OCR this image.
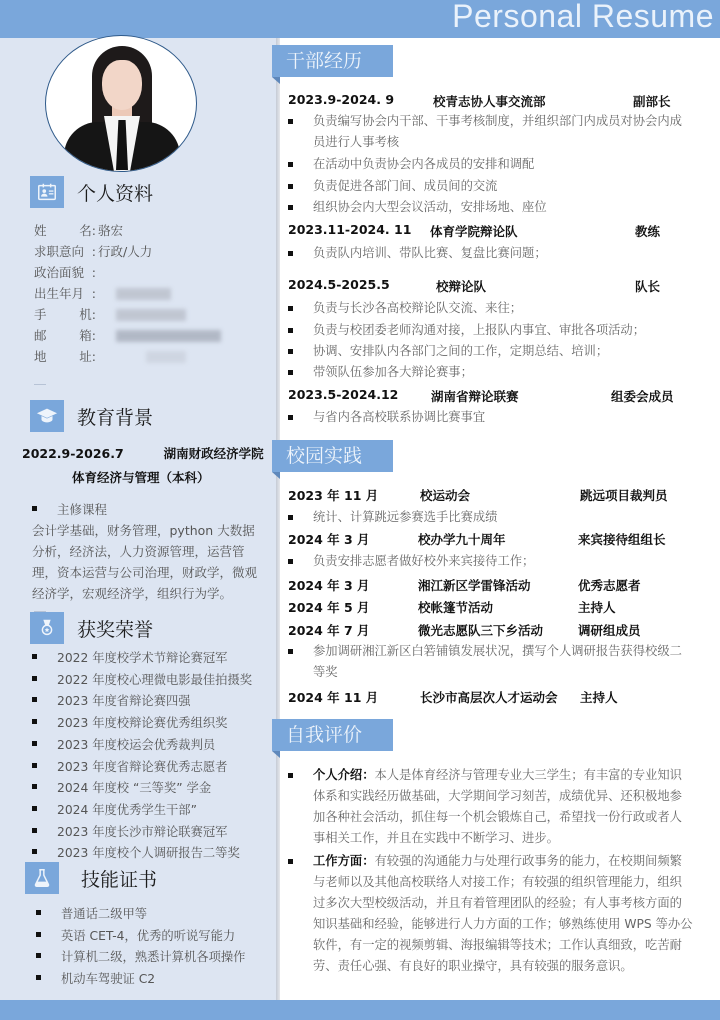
Personal Resume
个人资料
姓	名: 骆宏
求职意向 : 行政/人力
政治面貌 :
出生年月 :
手	机:
邮	箱:
地	址:
教育背景
2022.9-2026.7	湖南财政经济学院
体育经济与管理（本科）
主修课程
会计学基础，财务管理，python 大数据分析，经济法，人力资源管理，运营管理，资本运营与公司治理，财政学，微观经济学，宏观经济学，组织行为学。
获奖荣誉
2022 年度校学术节辩论赛冠军
2022 年度校心理微电影最佳拍摄奖
2023 年度省辩论赛四强
2023 年度校辩论赛优秀组织奖
2023 年度校运会优秀裁判员
2023 年度省辩论赛优秀志愿者
2024 年度校 “三等奖” 学金
2024 年度优秀学生干部”
2023 年度长沙市辩论联赛冠军
2023 年度校个人调研报告二等奖
技能证书
普通话二级甲等
英语 CET-4，优秀的听说写能力
计算机二级，熟悉计算机各项操作
机动车驾驶证 C2
干部经历
2023.9-2024. 9	校青志协人事交流部	副部长
负责编写协会内干部、干事考核制度，并组织部门内成员对协会内成员进行人事考核
在活动中负责协会内各成员的安排和调配
负责促进各部门间、成员间的交流
组织协会内大型会议活动，安排场地、座位
2023.11-2024. 11 体育学院辩论队	教练
负责队内培训、带队比赛、复盘比赛问题；
2024.5-2025.5	校辩论队	队长
负责与长沙各高校辩论队交流、来往；
负责与校团委老师沟通对接，上报队内事宜、审批各项活动；
协调、安排队内各部门之间的工作，定期总结、培训；
带领队伍参加各大辩论赛事；
2023.5-2024.12	湖南省辩论联赛	组委会成员
与省内各高校联系协调比赛事宜
校园实践
2023 年 11 月	校运动会	跳远项目裁判员
统计、计算跳远参赛选手比赛成绩
2024 年 3 月	校办学九十周年	来宾接待组组长
负责安排志愿者做好校外来宾接待工作；
2024 年 3 月	湘江新区学雷锋活动	优秀志愿者
2024 年 5 月	校帐篷节活动	主持人
2024 年 7 月	微光志愿队三下乡活动	调研组成员
参加调研湘江新区白箬铺镇发展状况，撰写个人调研报告获得校级二等奖
2024 年 11 月	长沙市高层次人才运动会 主持人
自我评价
个人介绍：本人是体育经济与管理专业大三学生；有丰富的专业知识体系和实践经历做基础，大学期间学习刻苦，成绩优异、还积极地参加各种社会活动，抓住每一个机会锻炼自己，希望找一份行政或者人事相关工作，并且在实践中不断学习、进步。
工作方面：有较强的沟通能力与处理行政事务的能力，在校期间频繁与老师以及其他高校联络人对接工作；有较强的组织管理能力，组织过多次大型校级活动，并且有着管理团队的经验；有人事考核方面的知识基础和经验，能够进行人力方面的工作；够熟练使用 WPS 等办公软件，有一定的视频剪辑、海报编辑等技术；工作认真细致，吃苦耐劳、责任心强、有良好的职业操守，具有较强的服务意识。
